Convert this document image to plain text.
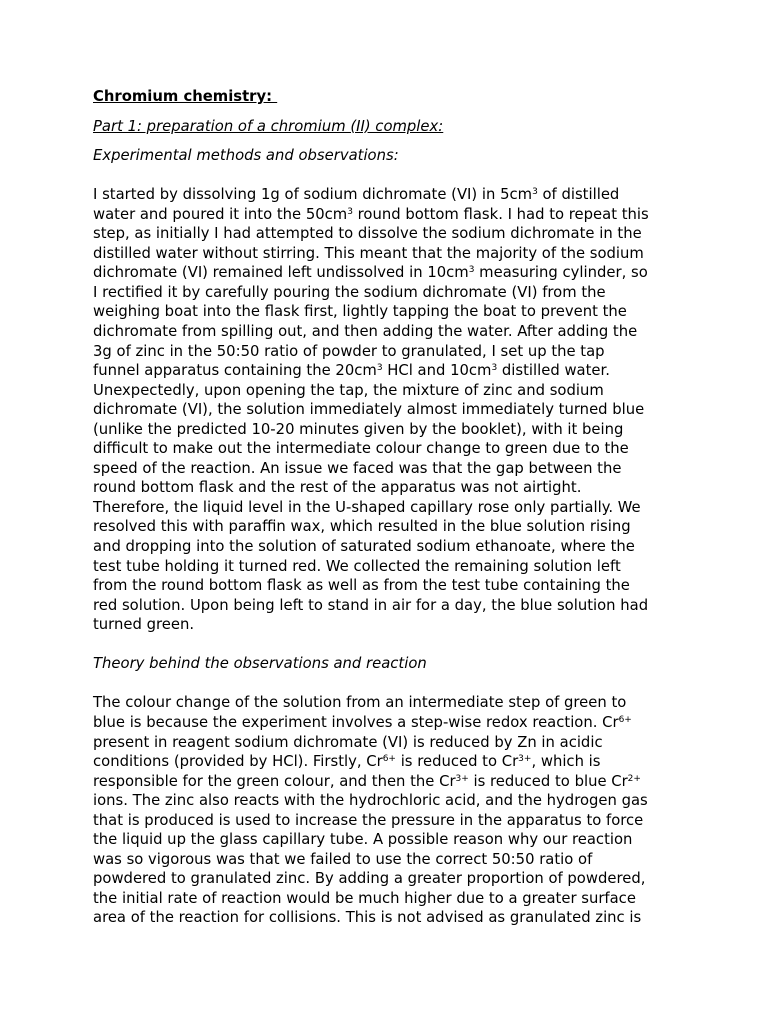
Chromium chemistry:

Part 1: preparation of a chromium (II) complex:

Experimental methods and observations:

I started by dissolving 1g of sodium dichromate (VI) in $5cm^3$ of distilled
water and poured it into the $50cm^3$ round bottom flask. I had to repeat this
step, as initially I had attempted to dissolve the sodium dichromate in the
distilled water without stirring. This meant that the majority of the sodium
dichromate (VI) remained left undissolved in $10cm^3$ measuring cylinder, so
I rectified it by carefully pouring the sodium dichromate (VI) from the
weighing boat into the flask first, lightly tapping the boat to prevent the
dichromate from spilling out, and then adding the water. After adding the
3g of zinc in the 50:50 ratio of powder to granulated, I set up the tap
funnel apparatus containing the $20cm^3$ HCl and $10cm^3$ distilled water.
Unexpectedly, upon opening the tap, the mixture of zinc and sodium
dichromate (VI), the solution immediately almost immediately turned blue
(unlike the predicted 10-20 minutes given by the booklet), with it being
difficult to make out the intermediate colour change to green due to the
speed of the reaction. An issue we faced was that the gap between the
round bottom flask and the rest of the apparatus was not airtight.
Therefore, the liquid level in the U-shaped capillary rose only partially. We
resolved this with paraffin wax, which resulted in the blue solution rising
and dropping into the solution of saturated sodium ethanoate, where the
test tube holding it turned red. We collected the remaining solution left
from the round bottom flask as well as from the test tube containing the
red solution. Upon being left to stand in air for a day, the blue solution had
turned green.

Theory behind the observations and reaction

The colour change of the solution from an intermediate step of green to
blue is because the experiment involves a step-wise redox reaction. $Cr^{6+}$
present in reagent sodium dichromate (VI) is reduced by Zn in acidic
conditions (provided by HCl). Firstly, $Cr^{6+}$ is reduced to $Cr^{3+}$, which is
responsible for the green colour, and then the $Cr^{3+}$ is reduced to blue $Cr^{2+}$
ions. The zinc also reacts with the hydrochloric acid, and the hydrogen gas
that is produced is used to increase the pressure in the apparatus to force
the liquid up the glass capillary tube. A possible reason why our reaction
was so vigorous was that we failed to use the correct 50:50 ratio of
powdered to granulated zinc. By adding a greater proportion of powdered,
the initial rate of reaction would be much higher due to a greater surface
area of the reaction for collisions. This is not advised as granulated zinc is
